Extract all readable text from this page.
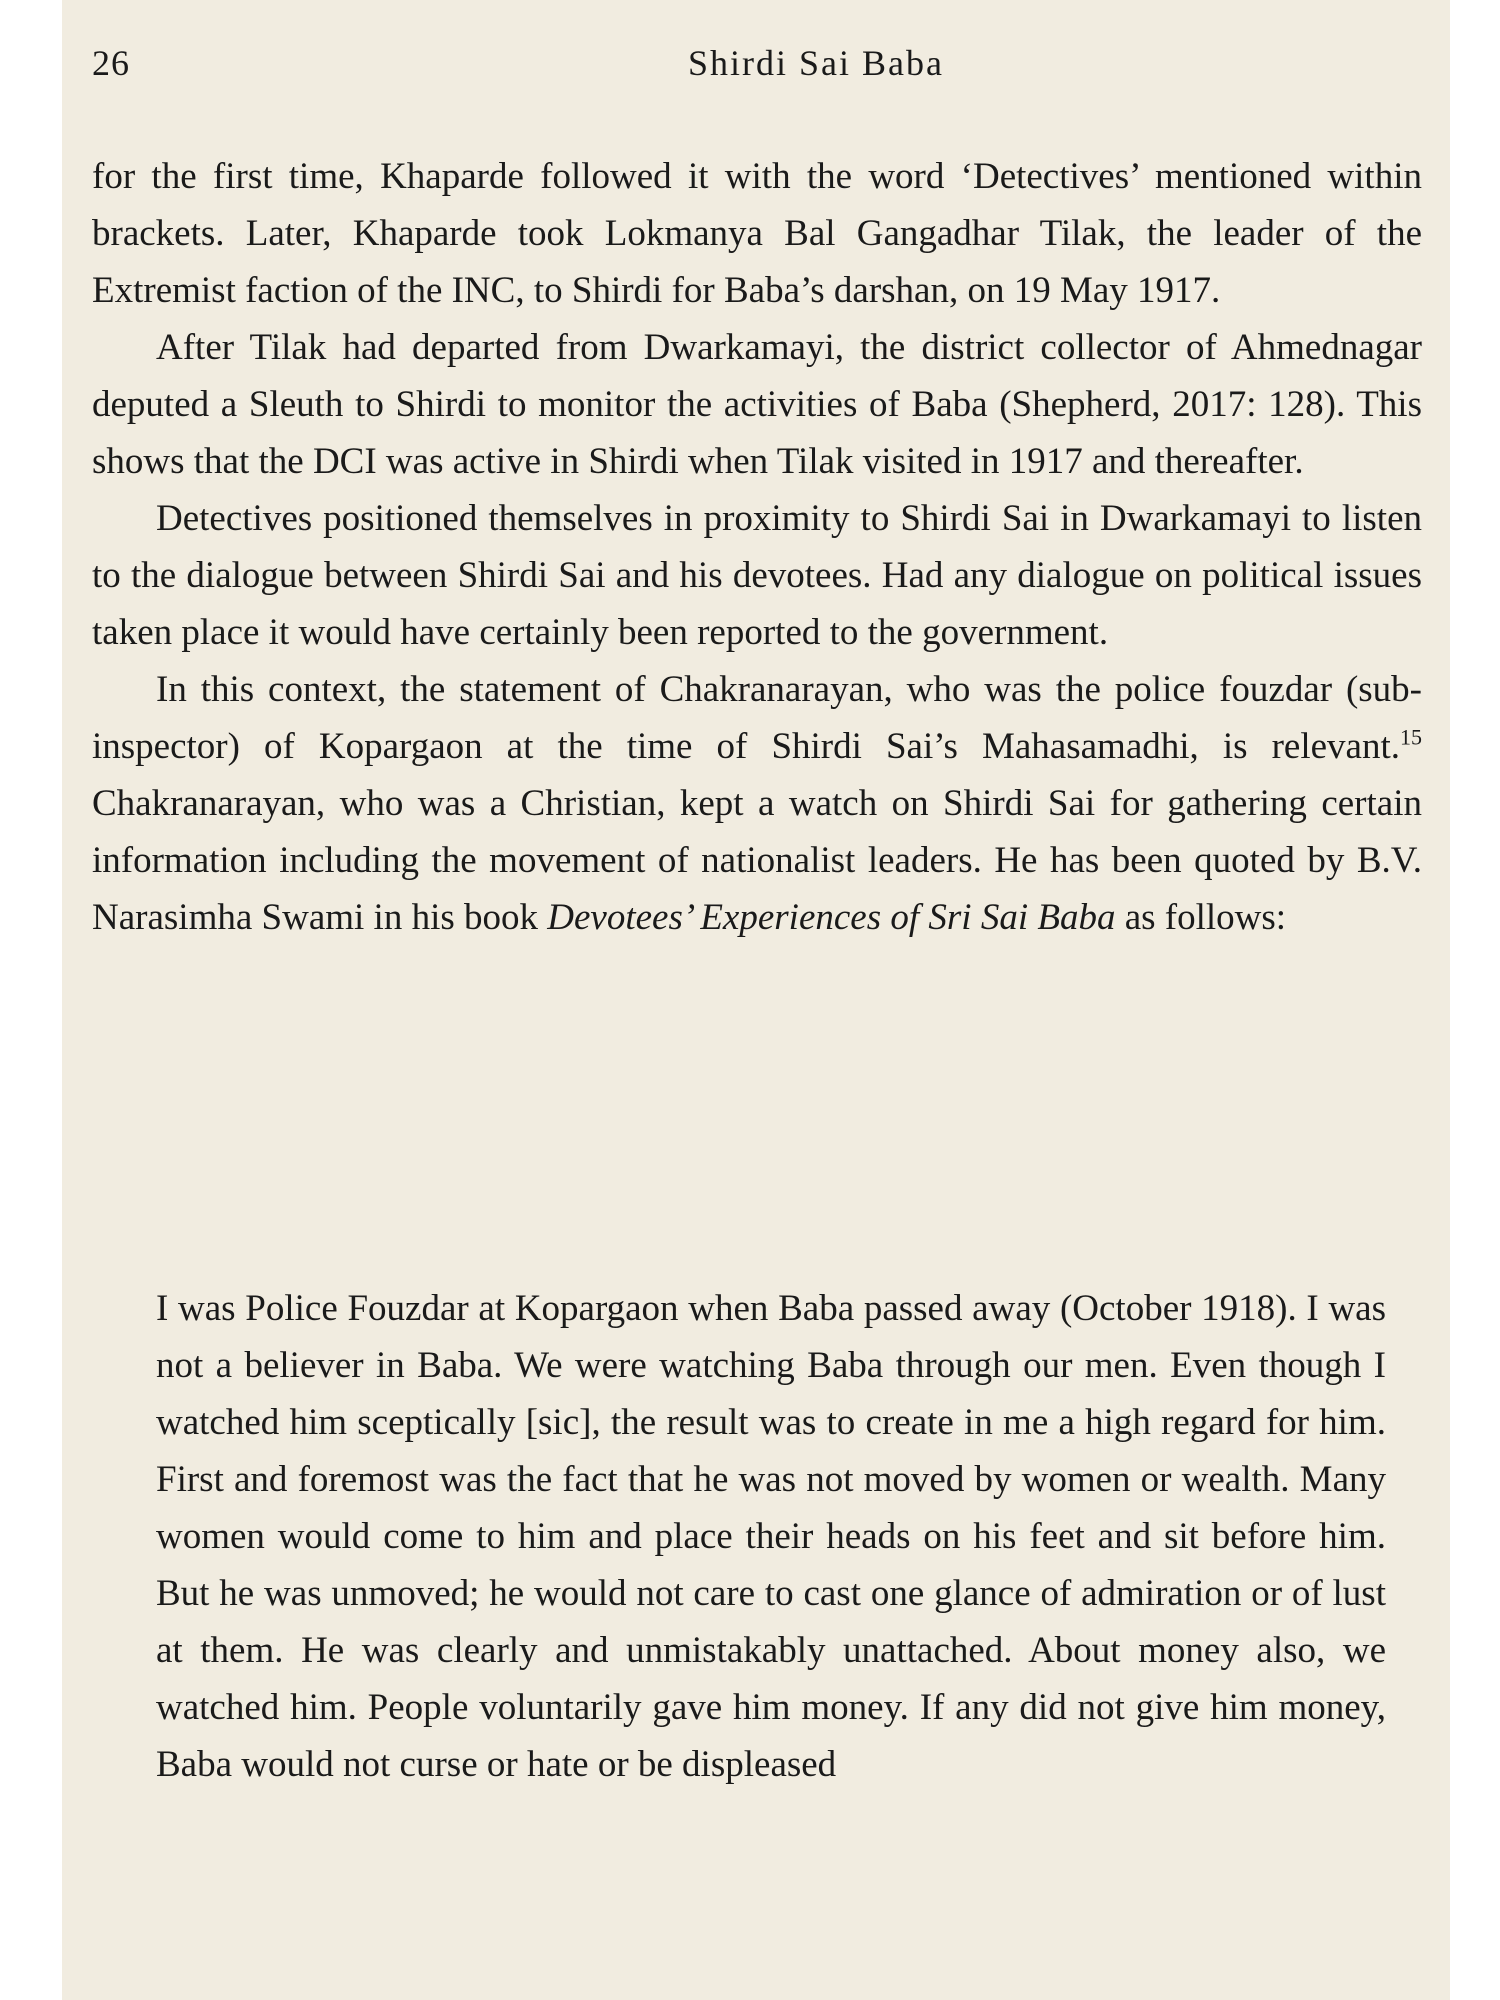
26	Shirdi Sai Baba

for the first time, Khaparde followed it with the word ‘Detectives’ mentioned within brackets. Later, Khaparde took Lokmanya Bal Gangadhar Tilak, the leader of the Extremist faction of the INC, to Shirdi for Baba’s darshan, on 19 May 1917.

After Tilak had departed from Dwarkamayi, the district collector of Ahmednagar deputed a Sleuth to Shirdi to monitor the activities of Baba (Shepherd, 2017: 128). This shows that the DCI was active in Shirdi when Tilak visited in 1917 and thereafter.

Detectives positioned themselves in proximity to Shirdi Sai in Dwarkamayi to listen to the dialogue between Shirdi Sai and his devotees. Had any dialogue on political issues taken place it would have certainly been reported to the government.

In this context, the statement of Chakranarayan, who was the police fouzdar (sub-inspector) of Kopargaon at the time of Shirdi Sai’s Mahasamadhi, is relevant.$^{15}$ Chakranarayan, who was a Christian, kept a watch on Shirdi Sai for gathering certain information including the movement of nationalist leaders. He has been quoted by B.V. Narasimha Swami in his book Devotees’ Experiences of Sri Sai Baba as follows:

I was Police Fouzdar at Kopargaon when Baba passed away (October 1918). I was not a believer in Baba. We were watching Baba through our men. Even though I watched him sceptically [sic], the result was to create in me a high regard for him. First and foremost was the fact that he was not moved by women or wealth. Many women would come to him and place their heads on his feet and sit before him. But he was unmoved; he would not care to cast one glance of admiration or of lust at them. He was clearly and unmistakably unattached. About money also, we watched him. People voluntarily gave him money. If any did not give him money, Baba would not curse or hate or be displeased
